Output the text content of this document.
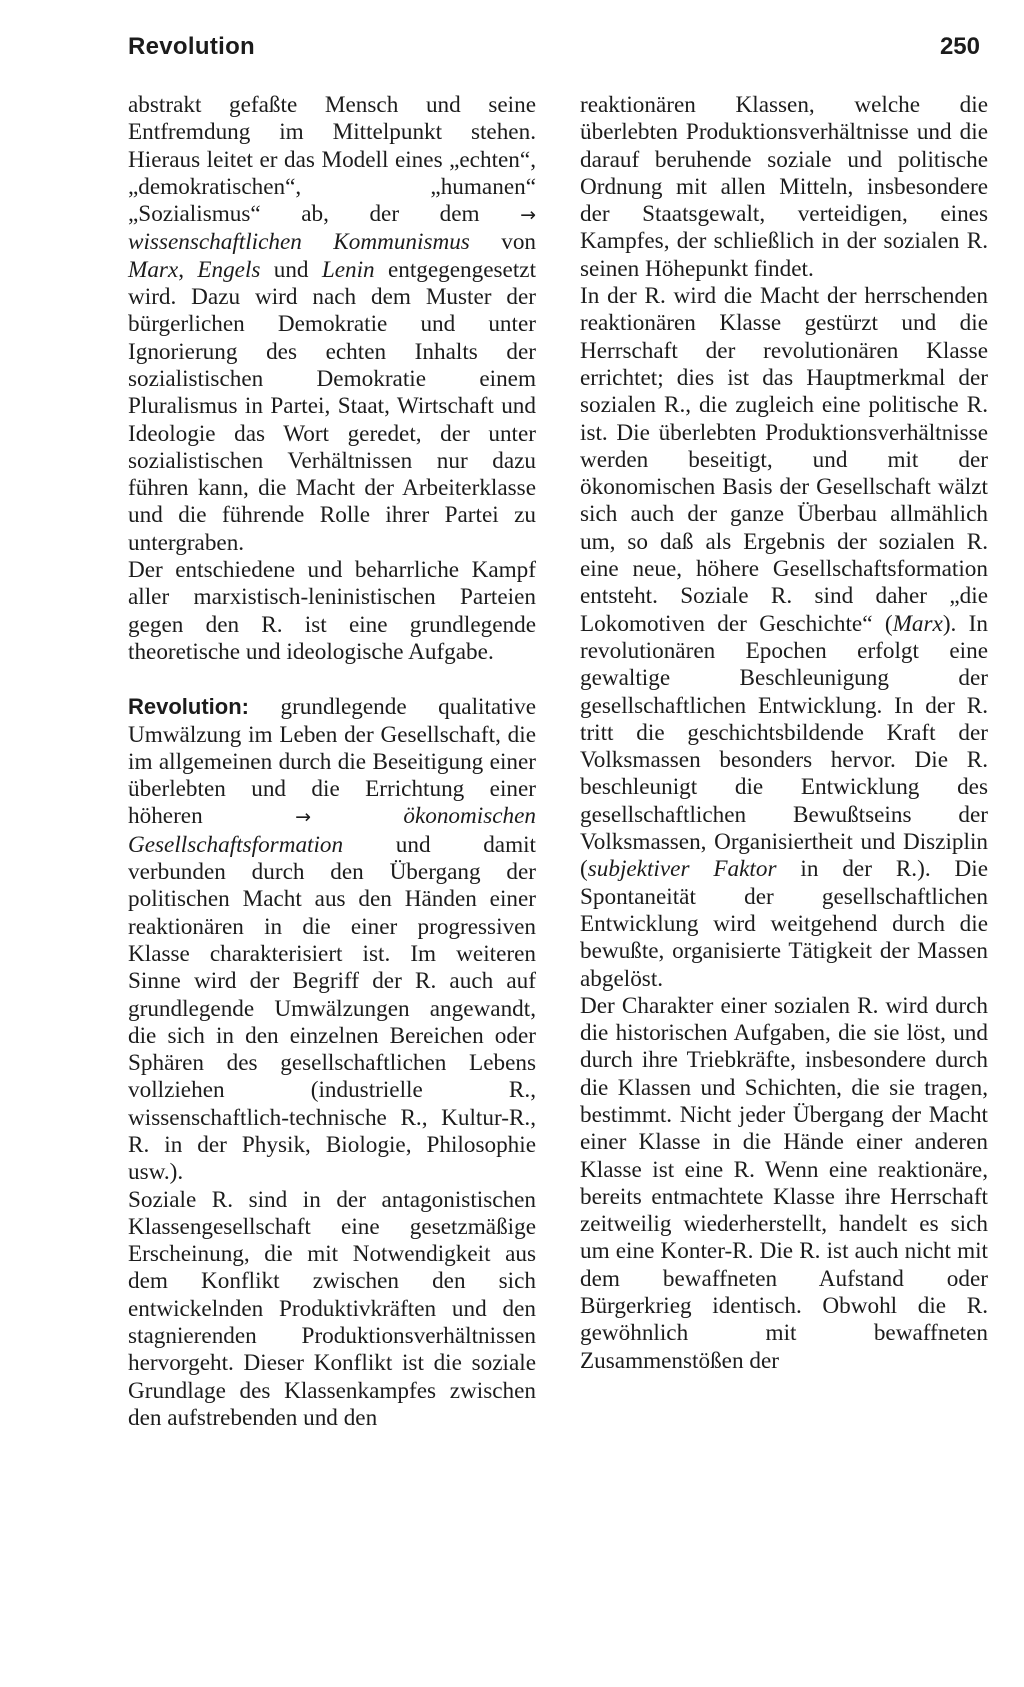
Revolution	250

abstrakt gefaßte Mensch und seine Entfremdung im Mittelpunkt stehen. Hieraus leitet er das Modell eines „echten“, „demokratischen“, „humanen“ „Sozialismus“ ab, der dem → wissenschaftlichen Kommunismus von Marx, Engels und Lenin entgegengesetzt wird. Dazu wird nach dem Muster der bürgerlichen Demokratie und unter Ignorierung des echten Inhalts der sozialistischen Demokratie einem Pluralismus in Partei, Staat, Wirtschaft und Ideologie das Wort geredet, der unter sozialistischen Verhältnissen nur dazu führen kann, die Macht der Arbeiterklasse und die führende Rolle ihrer Partei zu untergraben.

Der entschiedene und beharrliche Kampf aller marxistisch-leninistischen Parteien gegen den R. ist eine grundlegende theoretische und ideologische Aufgabe.

Revolution: grundlegende qualitative Umwälzung im Leben der Gesellschaft, die im allgemeinen durch die Beseitigung einer überlebten und die Errichtung einer höheren	→	ökonomischen Gesellschaftsformation und damit verbunden durch den Übergang der politischen Macht aus den Händen einer reaktionären in die einer progressiven Klasse charakterisiert ist. Im weiteren Sinne wird der Begriff der R. auch auf grundlegende Umwälzungen angewandt, die sich in den einzelnen Bereichen oder Sphären des gesellschaftlichen Lebens vollziehen (industrielle R., wissenschaftlich-technische R., Kultur-R., R. in der Physik, Biologie, Philosophie usw.).

Soziale R. sind in der antagonistischen Klassengesellschaft eine gesetzmäßige Erscheinung, die mit Notwendigkeit aus dem Konflikt zwischen den sich entwickelnden Produktivkräften und den stagnierenden Produktionsverhältnissen hervorgeht. Dieser Konflikt ist die soziale Grundlage des Klassenkampfes zwischen den aufstrebenden und den

reaktionären Klassen, welche die überlebten Produktionsverhältnisse und die darauf beruhende soziale und politische Ordnung mit allen Mitteln, insbesondere der Staatsgewalt, verteidigen, eines Kampfes, der schließlich in der sozialen R. seinen Höhepunkt findet.

In der R. wird die Macht der herrschenden reaktionären Klasse gestürzt und die Herrschaft der revolutionären Klasse errichtet; dies ist das Hauptmerkmal der sozialen R., die zugleich eine politische R. ist. Die überlebten Produktionsverhältnisse werden beseitigt, und mit der ökonomischen Basis der Gesellschaft wälzt sich auch der ganze Überbau allmählich um, so daß als Ergebnis der sozialen R. eine neue, höhere Gesellschaftsformation entsteht. Soziale R. sind daher „die Lokomotiven der Geschichte“ (Marx). In revolutionären Epochen erfolgt eine gewaltige Beschleunigung der gesellschaftlichen Entwicklung. In der R. tritt die geschichtsbildende Kraft der Volksmassen besonders hervor. Die R. beschleunigt die Entwicklung des gesellschaftlichen Bewußtseins der Volksmassen, Organisiertheit und Disziplin (subjektiver Faktor in der R.). Die Spontaneität der gesellschaftlichen Entwicklung wird weitgehend durch die bewußte, organisierte Tätigkeit der Massen abgelöst.

Der Charakter einer sozialen R. wird durch die historischen Aufgaben, die sie löst, und durch ihre Triebkräfte, insbesondere durch die Klassen und Schichten, die sie tragen, bestimmt. Nicht jeder Übergang der Macht einer Klasse in die Hände einer anderen Klasse ist eine R. Wenn eine reaktionäre, bereits entmachtete Klasse ihre Herrschaft zeitweilig wiederherstellt, handelt es sich um eine Konter-R. Die R. ist auch nicht mit dem bewaffneten Aufstand oder Bürgerkrieg identisch. Obwohl die R. gewöhnlich mit bewaffneten Zusammenstößen der
